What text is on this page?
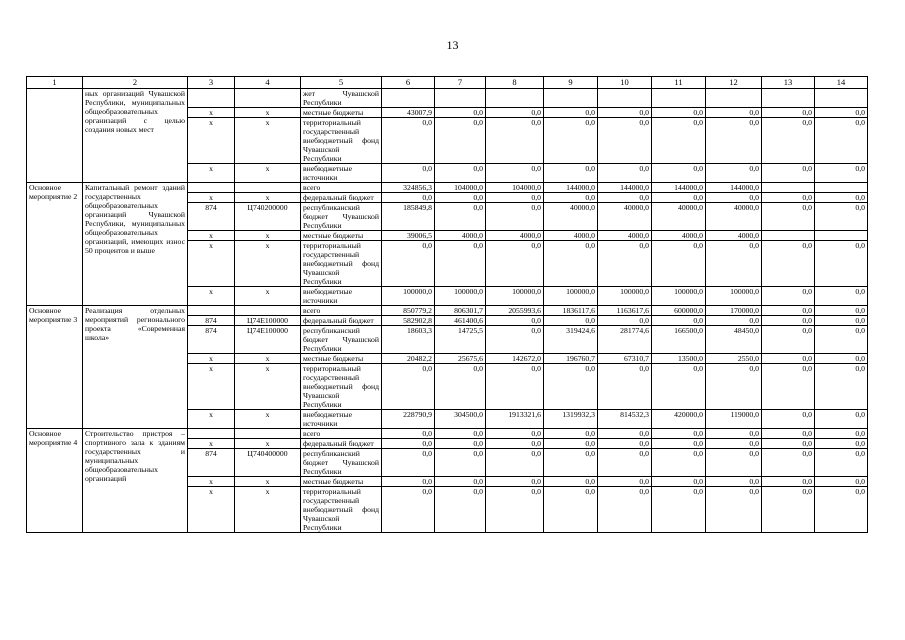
13
1	2	3	4	5	6	7	8	9	10	11	12	13	14
	ных организаций Чувашской Республики, муниципальных общеобразовательных организаций с целью создания новых мест			жет Чувашской Республики									
		x	x	местные бюджеты	43007,9	0,0	0,0	0,0	0,0	0,0	0,0	0,0	0,0
		x	x	территориальный государственный внебюджетный фонд Чувашской Республики	0,0	0,0	0,0	0,0	0,0	0,0	0,0	0,0	0,0
		x	x	внебюджетные источники	0,0	0,0	0,0	0,0	0,0	0,0	0,0	0,0	0,0
Основное мероприятие 2	Капитальный ремонт зданий государственных общеобразовательных организаций Чувашской Республики, муниципальных общеобразовательных организаций, имеющих износ 50 процентов и выше			всего	324856,3	104000,0	104000,0	144000,0	144000,0	144000,0	144000,0		
		x	x	федеральный бюджет	0,0	0,0	0,0	0,0	0,0	0,0	0,0	0,0	0,0
		874	Ц740200000	республиканский бюджет Чувашской Республики	185849,8	0,0	0,0	40000,0	40000,0	40000,0	40000,0	0,0	0,0
		x	x	местные бюджеты	39006,5	4000,0	4000,0	4000,0	4000,0	4000,0	4000,0		
		x	x	территориальный государственный внебюджетный фонд Чувашской Республики	0,0	0,0	0,0	0,0	0,0	0,0	0,0	0,0	0,0
		x	x	внебюджетные источники	100000,0	100000,0	100000,0	100000,0	100000,0	100000,0	100000,0	0,0	0,0
Основное мероприятие 3	Реализация отдельных мероприятий регионального проекта «Современная школа»			всего	850779,2	806301,7	2055993,6	1836117,6	1163617,6	600000,0	170000,0	0,0	0,0
		874	Ц74Е100000	федеральный бюджет	582902,8	461400,6	0,0	0,0	0,0	0,0	0,0	0,0	0,0
		874	Ц74Е100000	республиканский бюджет Чувашской Республики	18603,3	14725,5	0,0	319424,6	281774,6	166500,0	48450,0	0,0	0,0
		x	x	местные бюджеты	20482,2	25675,6	142672,0	196760,7	67310,7	13500,0	2550,0	0,0	0,0
		x	x	территориальный государственный внебюджетный фонд Чувашской Республики	0,0	0,0	0,0	0,0	0,0	0,0	0,0	0,0	0,0
		x	x	внебюджетные источники	228790,9	304500,0	1913321,6	1319932,3	814532,3	420000,0	119000,0	0,0	0,0
Основное мероприятие 4	Строительство пристроя – спортивного зала к зданиям государственных и муниципальных общеобразовательных организаций			всего	0,0	0,0	0,0	0,0	0,0	0,0	0,0	0,0	0,0
		x	x	федеральный бюджет	0,0	0,0	0,0	0,0	0,0	0,0	0,0	0,0	0,0
		874	Ц740400000	республиканский бюджет Чувашской Республики	0,0	0,0	0,0	0,0	0,0	0,0	0,0	0,0	0,0
		x	x	местные бюджеты	0,0	0,0	0,0	0,0	0,0	0,0	0,0	0,0	0,0
		x	x	территориальный государственный внебюджетный фонд Чувашской Республики	0,0	0,0	0,0	0,0	0,0	0,0	0,0	0,0	0,0
